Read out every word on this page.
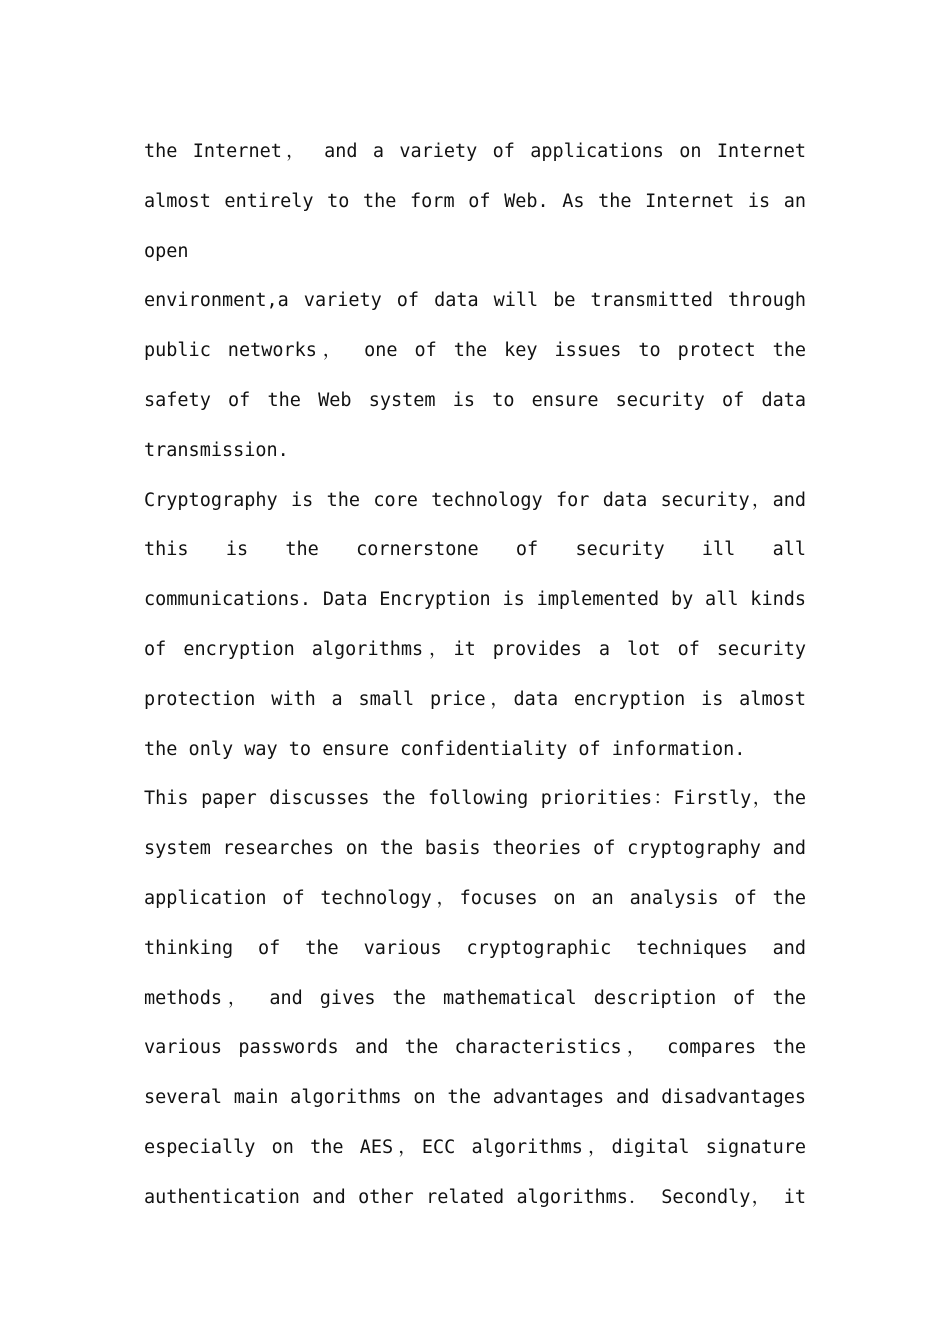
the Internet， and a variety of applications on Internet
almost entirely to the form of Web. As the Internet is an
open
environment,a variety of data will be transmitted through
public networks， one of the key issues to protect the
safety of the Web system is to ensure security of data
transmission.
Cryptography is the core technology for data security，and
this is the cornerstone of security ill all
communications. Data Encryption is implemented by all kinds
of encryption algorithms，it provides a lot of security
protection with a small price，data encryption is almost
the only way to ensure confidentiality of information.
This paper discusses the following priorities：Firstly，the
system researches on the basis theories of cryptography and
application of technology，focuses on an analysis of the
thinking of the various cryptographic techniques and
methods， and gives the mathematical description of the
various passwords and the characteristics， compares the
several main algorithms on the advantages and disadvantages
especially on the AES，ECC algorithms，digital signature
authentication and other related algorithms． Secondly， it
